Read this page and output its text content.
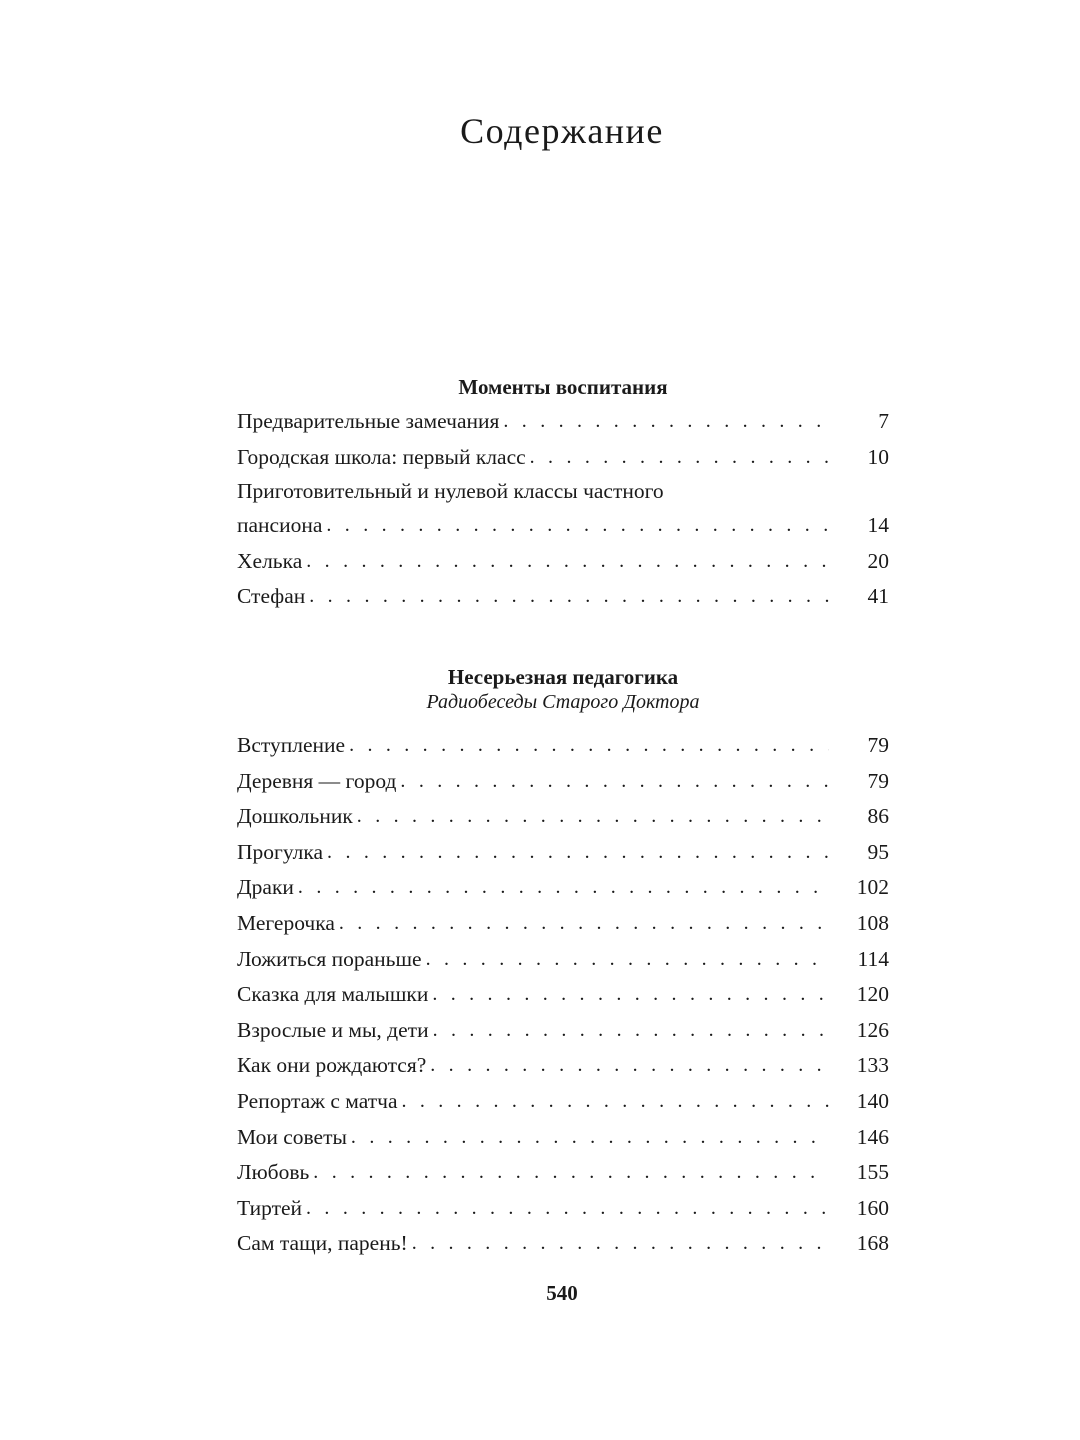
Содержание
Моменты воспитания
Предварительные замечания . . .	7
Городская школа: первый класс . . .	10
Приготовительный и нулевой классы частного
пансиона . . .	14
Хелька . . .	20
Стефан . . .	41
Несерьезная педагогика
Радиобеседы Старого Доктора
Вступление . . .	79
Деревня — город . . .	79
Дошкольник . . .	86
Прогулка . . .	95
Драки . . .	102
Мегерочка . . .	108
Ложиться пораньше . . .	114
Сказка для малышки . . .	120
Взрослые и мы, дети . . .	126
Как они рождаются? . . .	133
Репортаж с матча . . .	140
Мои советы . . .	146
Любовь . . .	155
Тиртей . . .	160
Сам тащи, парень! . . .	168
540
